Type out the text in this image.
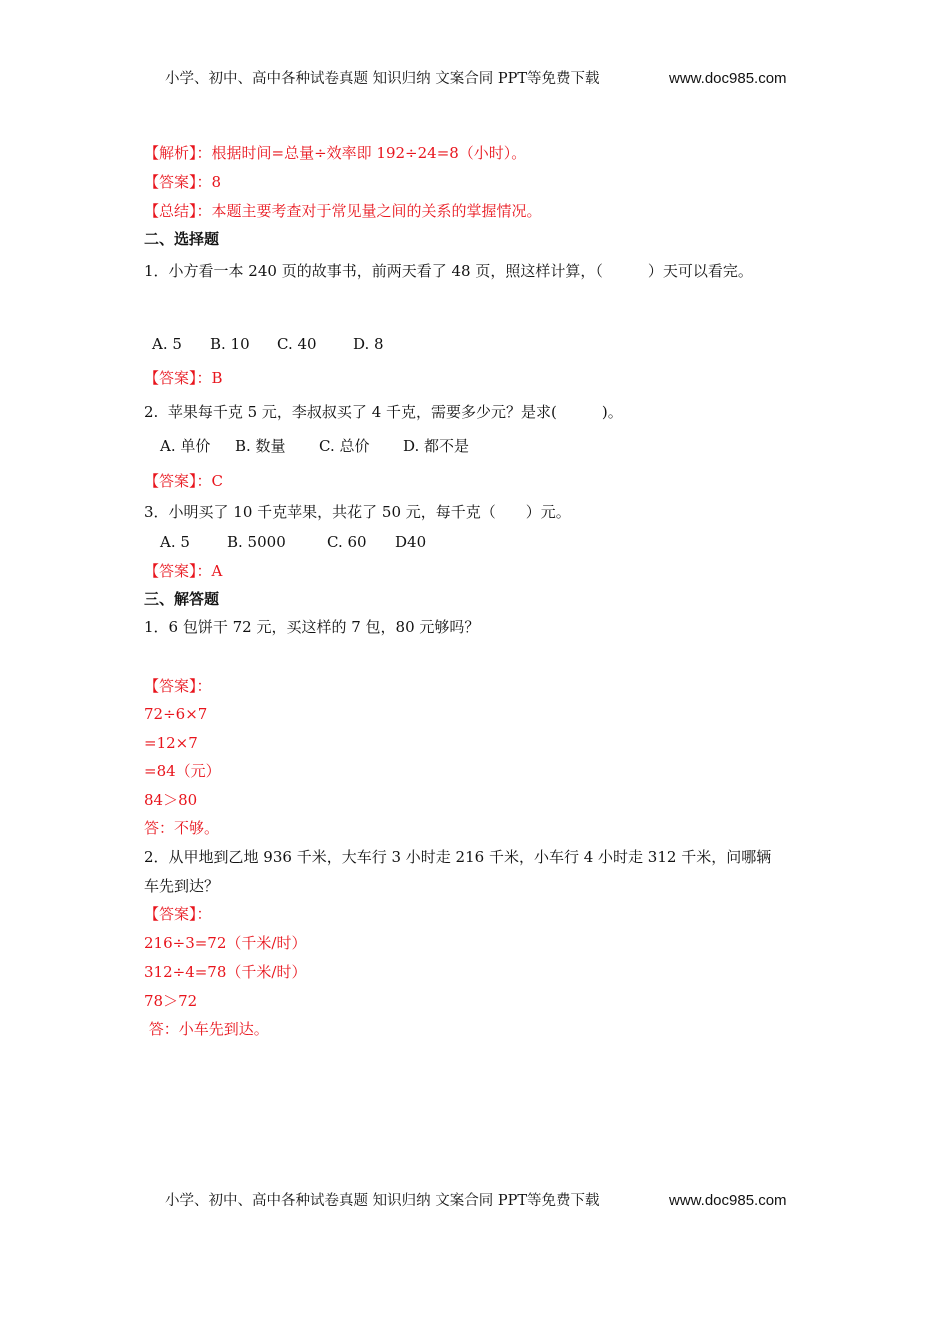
小学、初中、高中各种试卷真题 知识归纳 文案合同 PPT等免费下载	www.doc985.com
【解析】：根据时间=总量÷效率即 192÷24=8（小时）。
【答案】：8
【总结】：本题主要考查对于常见量之间的关系的掌握情况。
二、选择题
1．小方看一本 240 页的故事书，前两天看了 48 页，照这样计算，（　　　）天可以看完。
A. 5 B. 10 C. 40 D. 8
【答案】：B
2.  苹果每千克 5 元，李叔叔买了 4 千克，需要多少元？是求(　　　)。
A. 单价 B. 数量 C. 总价 D. 都不是
【答案】：C
3．小明买了 10 千克苹果，共花了 50 元，每千克（　　）元。
A. 5 B. 5000	C. 60 D40
【答案】：A
三、解答题
1．6 包饼干 72 元，买这样的 7 包，80 元够吗？
【答案】：
72÷6×7
=12×7
=84（元）
84＞80
答：不够。
2．从甲地到乙地 936 千米，大车行 3 小时走 216 千米，小车行 4 小时走 312 千米，问哪辆
车先到达？
【答案】：
216÷3=72（千米/时）
312÷4=78（千米/时）
78＞72
答：小车先到达。
小学、初中、高中各种试卷真题 知识归纳 文案合同 PPT等免费下载	www.doc985.com
